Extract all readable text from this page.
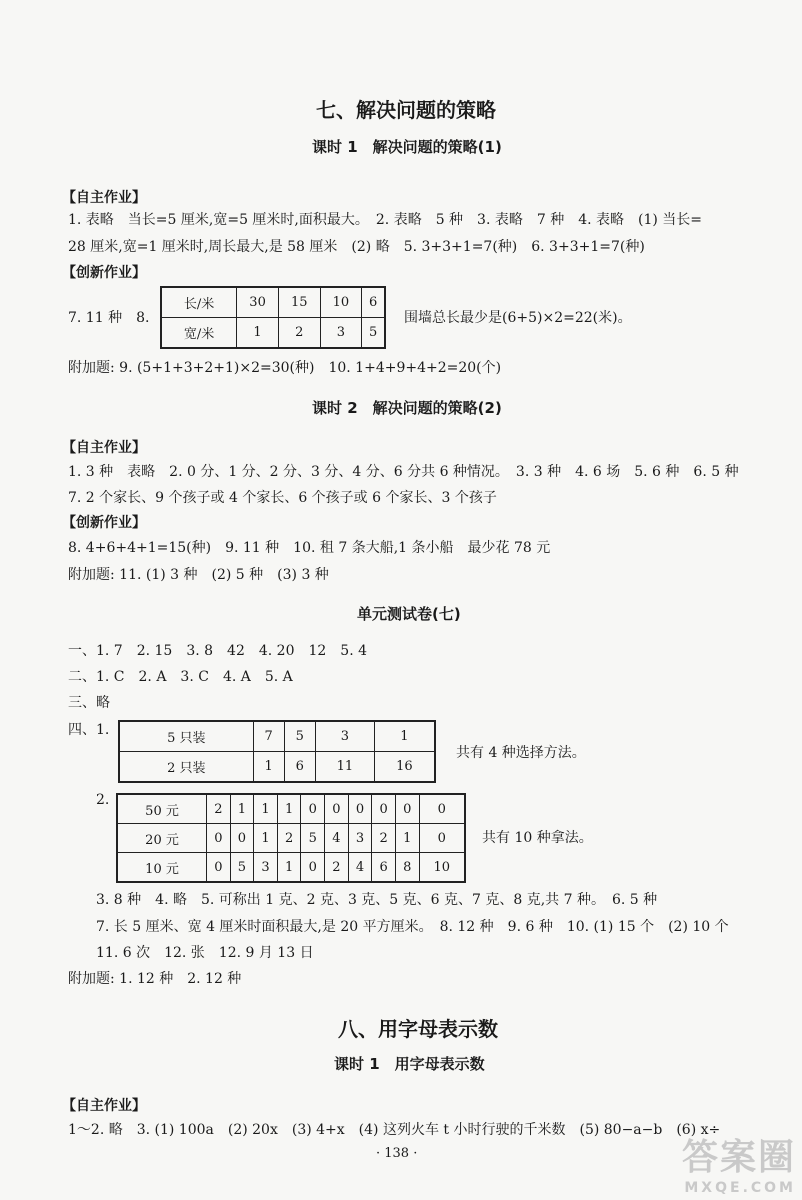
七、解决问题的策略
课时 1　解决问题的策略(1)
【自主作业】
1. 表略　当长=5 厘米,宽=5 厘米时,面积最大。　2. 表略　5 种　3. 表略　7 种　4. 表略　(1) 当长=
28 厘米,宽=1 厘米时,周长最大,是 58 厘米　(2) 略　5. 3+3+1=7(种)　6. 3+3+1=7(种)
【创新作业】
7. 11 种　8.
长/米	30	15	10	6
宽/米	1	2	3	5
围墙总长最少是(6+5)×2=22(米)。
附加题: 9. (5+1+3+2+1)×2=30(种)　10. 1+4+9+4+2=20(个)
课时 2　解决问题的策略(2)
【自主作业】
1. 3 种　表略　2. 0 分、1 分、2 分、3 分、4 分、6 分共 6 种情况。　3. 3 种　4. 6 场　5. 6 种　6. 5 种
7. 2 个家长、9 个孩子或 4 个家长、6 个孩子或 6 个家长、3 个孩子
【创新作业】
8. 4+6+4+1=15(种)　9. 11 种　10. 租 7 条大船,1 条小船　最少花 78 元
附加题: 11. (1) 3 种　(2) 5 种　(3) 3 种
单元测试卷(七)
一、1. 7　2. 15　3. 8　42　4. 20　12　5. 4
二、1. C　2. A　3. C　4. A　5. A
三、略
四、1.
5 只装	7	5	3	1
2 只装	1	6	11	16
共有 4 种选择方法。
2.
50 元	2	1	1	1	0	0	0	0	0	0
20 元	0	0	1	2	5	4	3	2	1	0
10 元	0	5	3	1	0	2	4	6	8	10
共有 10 种拿法。
3. 8 种　4. 略　5. 可称出 1 克、2 克、3 克、5 克、6 克、7 克、8 克,共 7 种。　6. 5 种
7. 长 5 厘米、宽 4 厘米时面积最大,是 20 平方厘米。　8. 12 种　9. 6 种　10. (1) 15 个　(2) 10 个
11. 6 次　12. 张　12. 9 月 13 日
附加题: 1. 12 种　2. 12 种
八、用字母表示数
课时 1　用字母表示数
【自主作业】
1～2. 略　3. (1) 100a　(2) 20x　(3) 4+x　(4) 这列火车 t 小时行驶的千米数　(5) 80−a−b　(6) x÷
· 138 ·	答案圈
MXQE.COM
